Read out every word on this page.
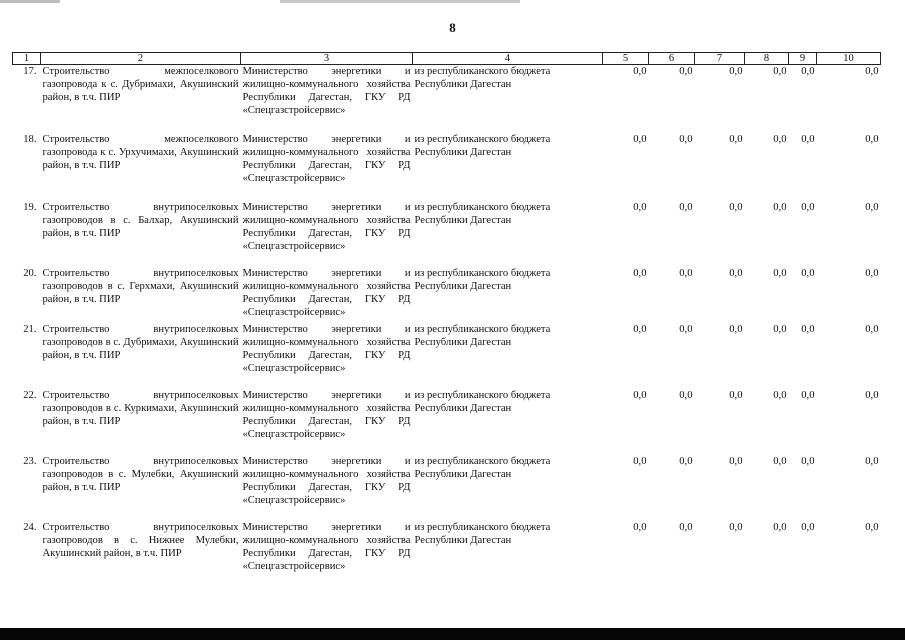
8
1	2	3	4	5	6	7	8	9	10
17.	Строительство межпоселкового газопровода к с. Дубримахи, Акушинский район, в т.ч. ПИР	Министерство энергетики и жилищно-коммунального хозяйства Республики Дагестан, ГКУ РД «Спецгазстройсервис»	из республиканского бюджета Республики Дагестан	0,0	0,0	0,0	0,0	0,0	0,0
18.	Строительство межпоселкового газопровода к с. Урхучимахи, Акушинский район, в т.ч. ПИР	Министерство энергетики и жилищно-коммунального хозяйства Республики Дагестан, ГКУ РД «Спецгазстройсервис»	из республиканского бюджета Республики Дагестан	0,0	0,0	0,0	0,0	0,0	0,0
19.	Строительство внутрипоселковых газопроводов в с. Балхар, Акушинский район, в т.ч. ПИР	Министерство энергетики и жилищно-коммунального хозяйства Республики Дагестан, ГКУ РД «Спецгазстройсервис»	из республиканского бюджета Республики Дагестан	0,0	0,0	0,0	0,0	0,0	0,0
20.	Строительство внутрипоселковых газопроводов в с. Герхмахи, Акушинский район, в т.ч. ПИР	Министерство энергетики и жилищно-коммунального хозяйства Республики Дагестан, ГКУ РД «Спецгазстройсервис»	из республиканского бюджета Республики Дагестан	0,0	0,0	0,0	0,0	0,0	0,0
21.	Строительство внутрипоселковых газопроводов в с. Дубримахи, Акушинский район, в т.ч. ПИР	Министерство энергетики и жилищно-коммунального хозяйства Республики Дагестан, ГКУ РД «Спецгазстройсервис»	из республиканского бюджета Республики Дагестан	0,0	0,0	0,0	0,0	0,0	0,0
22.	Строительство внутрипоселковых газопроводов в с. Куркимахи, Акушинский район, в т.ч. ПИР	Министерство энергетики и жилищно-коммунального хозяйства Республики Дагестан, ГКУ РД «Спецгазстройсервис»	из республиканского бюджета Республики Дагестан	0,0	0,0	0,0	0,0	0,0	0,0
23.	Строительство внутрипоселковых газопроводов в с. Мулебки, Акушинский район, в т.ч. ПИР	Министерство энергетики и жилищно-коммунального хозяйства Республики Дагестан, ГКУ РД «Спецгазстройсервис»	из республиканского бюджета Республики Дагестан	0,0	0,0	0,0	0,0	0,0	0,0
24.	Строительство внутрипоселковых газопроводов в с. Нижнее Мулебки, Акушинский район, в т.ч. ПИР	Министерство энергетики и жилищно-коммунального хозяйства Республики Дагестан, ГКУ РД «Спецгазстройсервис»	из республиканского бюджета Республики Дагестан	0,0	0,0	0,0	0,0	0,0	0,0
